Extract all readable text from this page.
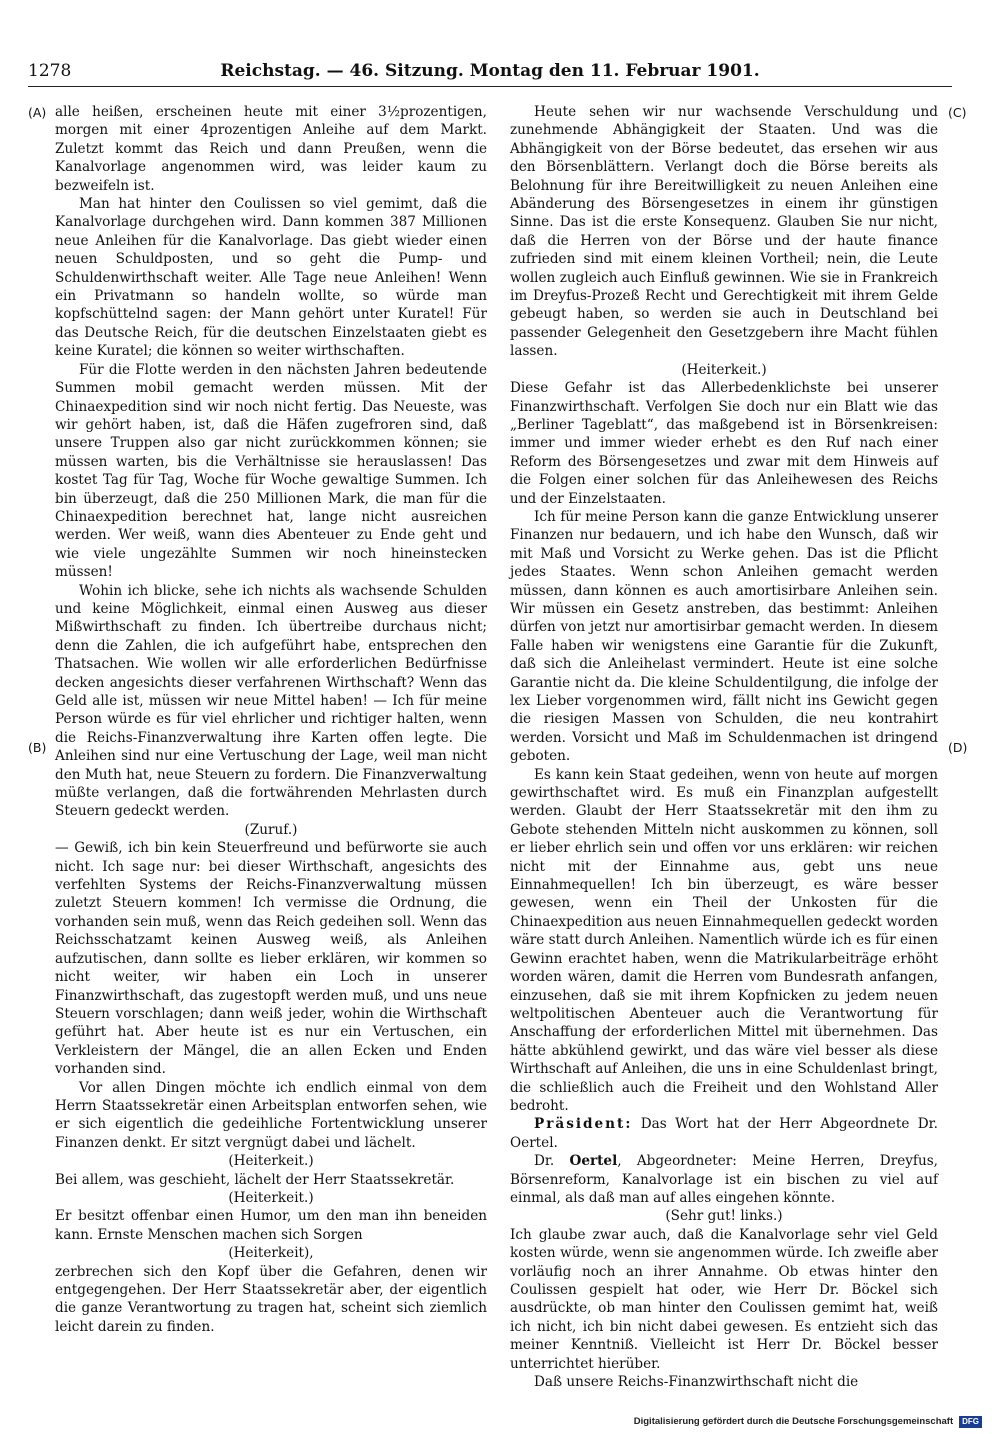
1278	Reichstag. — 46. Sitzung. Montag den 11. Februar 1901.
(A)
(B)
(C)
(D)

alle heißen, erscheinen heute mit einer 3½prozentigen, morgen mit einer 4prozentigen Anleihe auf dem Markt. Zuletzt kommt das Reich und dann Preußen, wenn die Kanalvorlage angenommen wird, was leider kaum zu bezweifeln ist.

Man hat hinter den Coulissen so viel gemimt, daß die Kanalvorlage durchgehen wird. Dann kommen 387 Millionen neue Anleihen für die Kanalvorlage. Das giebt wieder einen neuen Schuldposten, und so geht die Pump- und Schuldenwirthschaft weiter. Alle Tage neue Anleihen! Wenn ein Privatmann so handeln wollte, so würde man kopfschüttelnd sagen: der Mann gehört unter Kuratel! Für das Deutsche Reich, für die deutschen Einzelstaaten giebt es keine Kuratel; die können so weiter wirthschaften.

Für die Flotte werden in den nächsten Jahren bedeutende Summen mobil gemacht werden müssen. Mit der Chinaexpedition sind wir noch nicht fertig. Das Neueste, was wir gehört haben, ist, daß die Häfen zugefroren sind, daß unsere Truppen also gar nicht zurückkommen können; sie müssen warten, bis die Verhältnisse sie herauslassen! Das kostet Tag für Tag, Woche für Woche gewaltige Summen. Ich bin überzeugt, daß die 250 Millionen Mark, die man für die Chinaexpedition berechnet hat, lange nicht ausreichen werden. Wer weiß, wann dies Abenteuer zu Ende geht und wie viele ungezählte Summen wir noch hineinstecken müssen!

Wohin ich blicke, sehe ich nichts als wachsende Schulden und keine Möglichkeit, einmal einen Ausweg aus dieser Mißwirthschaft zu finden. Ich übertreibe durchaus nicht; denn die Zahlen, die ich aufgeführt habe, entsprechen den Thatsachen. Wie wollen wir alle erforderlichen Bedürfnisse decken angesichts dieser verfahrenen Wirthschaft? Wenn das Geld alle ist, müssen wir neue Mittel haben! — Ich für meine Person würde es für viel ehrlicher und richtiger halten, wenn die Reichs-Finanzverwaltung ihre Karten offen legte. Die Anleihen sind nur eine Vertuschung der Lage, weil man nicht den Muth hat, neue Steuern zu fordern. Die Finanzverwaltung müßte verlangen, daß die fortwährenden Mehrlasten durch Steuern gedeckt werden.

(Zuruf.)

— Gewiß, ich bin kein Steuerfreund und befürworte sie auch nicht. Ich sage nur: bei dieser Wirthschaft, angesichts des verfehlten Systems der Reichs-Finanzverwaltung müssen zuletzt Steuern kommen! Ich vermisse die Ordnung, die vorhanden sein muß, wenn das Reich gedeihen soll. Wenn das Reichsschatzamt keinen Ausweg weiß, als Anleihen aufzutischen, dann sollte es lieber erklären, wir kommen so nicht weiter, wir haben ein Loch in unserer Finanzwirthschaft, das zugestopft werden muß, und uns neue Steuern vorschlagen; dann weiß jeder, wohin die Wirthschaft geführt hat. Aber heute ist es nur ein Vertuschen, ein Verkleistern der Mängel, die an allen Ecken und Enden vorhanden sind.

Vor allen Dingen möchte ich endlich einmal von dem Herrn Staatssekretär einen Arbeitsplan entworfen sehen, wie er sich eigentlich die gedeihliche Fortentwicklung unserer Finanzen denkt. Er sitzt vergnügt dabei und lächelt.

(Heiterkeit.)

Bei allem, was geschieht, lächelt der Herr Staatssekretär.

(Heiterkeit.)

Er besitzt offenbar einen Humor, um den man ihn beneiden kann. Ernste Menschen machen sich Sorgen

(Heiterkeit),

zerbrechen sich den Kopf über die Gefahren, denen wir entgegengehen. Der Herr Staatssekretär aber, der eigentlich die ganze Verantwortung zu tragen hat, scheint sich ziemlich leicht darein zu finden.

Heute sehen wir nur wachsende Verschuldung und zunehmende Abhängigkeit der Staaten. Und was die Abhängigkeit von der Börse bedeutet, das ersehen wir aus den Börsenblättern. Verlangt doch die Börse bereits als Belohnung für ihre Bereitwilligkeit zu neuen Anleihen eine Abänderung des Börsengesetzes in einem ihr günstigen Sinne. Das ist die erste Konsequenz. Glauben Sie nur nicht, daß die Herren von der Börse und der haute finance zufrieden sind mit einem kleinen Vortheil; nein, die Leute wollen zugleich auch Einfluß gewinnen. Wie sie in Frankreich im Dreyfus-Prozeß Recht und Gerechtigkeit mit ihrem Gelde gebeugt haben, so werden sie auch in Deutschland bei passender Gelegenheit den Gesetzgebern ihre Macht fühlen lassen.

(Heiterkeit.)

Diese Gefahr ist das Allerbedenklichste bei unserer Finanzwirthschaft. Verfolgen Sie doch nur ein Blatt wie das „Berliner Tageblatt“, das maßgebend ist in Börsenkreisen: immer und immer wieder erhebt es den Ruf nach einer Reform des Börsengesetzes und zwar mit dem Hinweis auf die Folgen einer solchen für das Anleihewesen des Reichs und der Einzelstaaten.

Ich für meine Person kann die ganze Entwicklung unserer Finanzen nur bedauern, und ich habe den Wunsch, daß wir mit Maß und Vorsicht zu Werke gehen. Das ist die Pflicht jedes Staates. Wenn schon Anleihen gemacht werden müssen, dann können es auch amortisirbare Anleihen sein. Wir müssen ein Gesetz anstreben, das bestimmt: Anleihen dürfen von jetzt nur amortisirbar gemacht werden. In diesem Falle haben wir wenigstens eine Garantie für die Zukunft, daß sich die Anleihelast vermindert. Heute ist eine solche Garantie nicht da. Die kleine Schuldentilgung, die infolge der lex Lieber vorgenommen wird, fällt nicht ins Gewicht gegen die riesigen Massen von Schulden, die neu kontrahirt werden. Vorsicht und Maß im Schuldenmachen ist dringend geboten.

Es kann kein Staat gedeihen, wenn von heute auf morgen gewirthschaftet wird. Es muß ein Finanzplan aufgestellt werden. Glaubt der Herr Staatssekretär mit den ihm zu Gebote stehenden Mitteln nicht auskommen zu können, soll er lieber ehrlich sein und offen vor uns erklären: wir reichen nicht mit der Einnahme aus, gebt uns neue Einnahmequellen! Ich bin überzeugt, es wäre besser gewesen, wenn ein Theil der Unkosten für die Chinaexpedition aus neuen Einnahmequellen gedeckt worden wäre statt durch Anleihen. Namentlich würde ich es für einen Gewinn erachtet haben, wenn die Matrikularbeiträge erhöht worden wären, damit die Herren vom Bundesrath anfangen, einzusehen, daß sie mit ihrem Kopfnicken zu jedem neuen weltpolitischen Abenteuer auch die Verantwortung für Anschaffung der erforderlichen Mittel mit übernehmen. Das hätte abkühlend gewirkt, und das wäre viel besser als diese Wirthschaft auf Anleihen, die uns in eine Schuldenlast bringt, die schließlich auch die Freiheit und den Wohlstand Aller bedroht.

Präsident: Das Wort hat der Herr Abgeordnete Dr. Oertel.

Dr. Oertel, Abgeordneter: Meine Herren, Dreyfus, Börsenreform, Kanalvorlage ist ein bischen zu viel auf einmal, als daß man auf alles eingehen könnte.

(Sehr gut! links.)

Ich glaube zwar auch, daß die Kanalvorlage sehr viel Geld kosten würde, wenn sie angenommen würde. Ich zweifle aber vorläufig noch an ihrer Annahme. Ob etwas hinter den Coulissen gespielt hat oder, wie Herr Dr. Böckel sich ausdrückte, ob man hinter den Coulissen gemimt hat, weiß ich nicht, ich bin nicht dabei gewesen. Es entzieht sich das meiner Kenntniß. Vielleicht ist Herr Dr. Böckel besser unterrichtet hierüber.

Daß unsere Reichs-Finanzwirthschaft nicht die

Digitalisierung gefördert durch die Deutsche Forschungsgemeinschaft	DFG
